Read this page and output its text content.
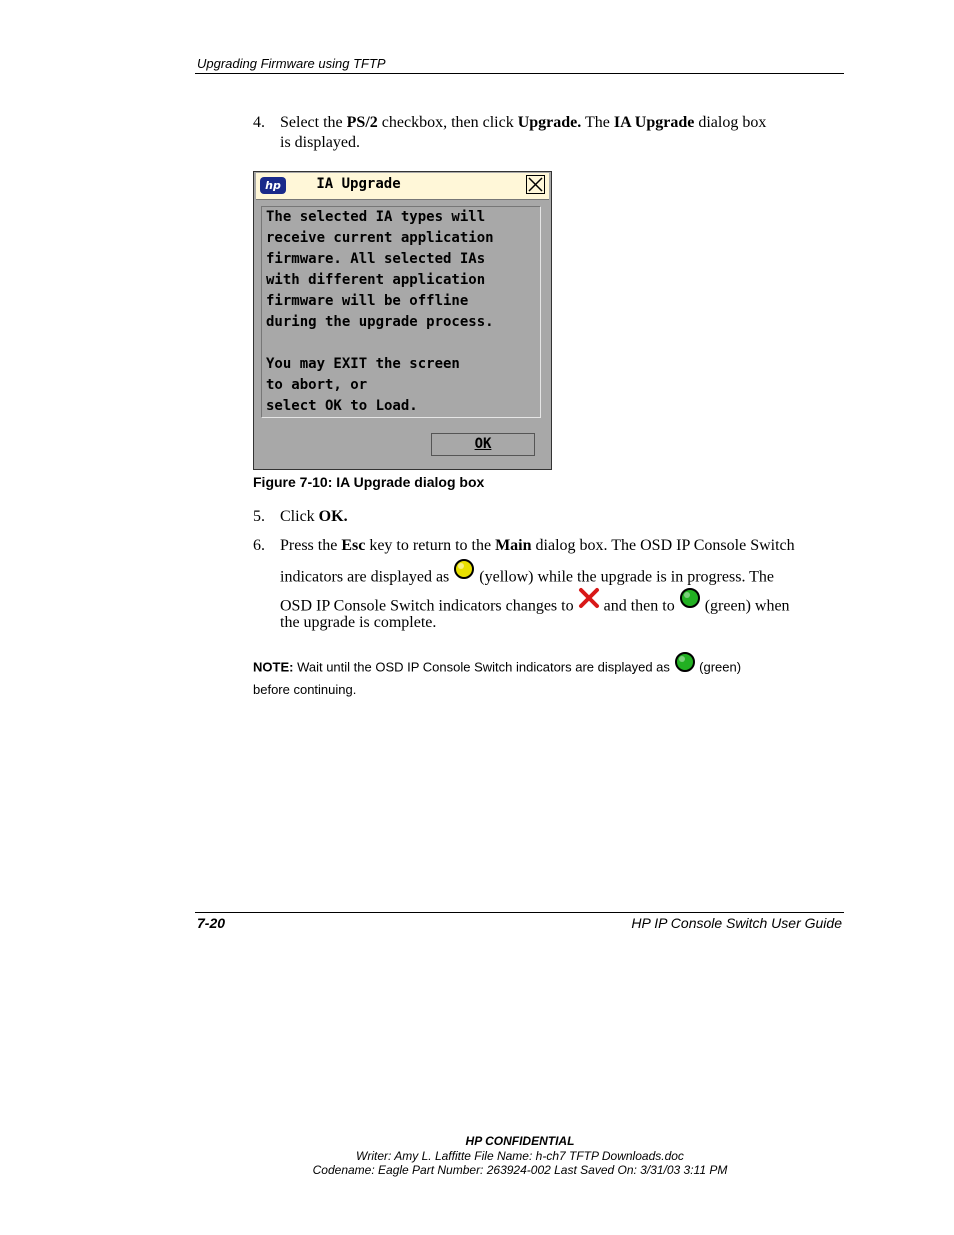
Upgrading Firmware using TFTP
4. Select the PS/2 checkbox, then click Upgrade. The IA Upgrade dialog box
is displayed.
hp	IA Upgrade
The selected IA types will
receive current application
firmware. All selected IAs
with different application
firmware will be offline
during the upgrade process.
You may EXIT the screen
to abort, or
select OK to Load.
OK
Figure 7-10: IA Upgrade dialog box
5. Click OK.
6. Press the Esc key to return to the Main dialog box. The OSD IP Console Switch
indicators are displayed as  (yellow) while the upgrade is in progress. The
OSD IP Console Switch indicators changes to  and then to  (green) when
the upgrade is complete.
NOTE: Wait until the OSD IP Console Switch indicators are displayed as  (green)
before continuing.
7-20	HP IP Console Switch User Guide
HP CONFIDENTIAL
Writer: Amy L. Laffitte File Name: h-ch7 TFTP Downloads.doc
Codename: Eagle Part Number: 263924-002 Last Saved On: 3/31/03 3:11 PM
